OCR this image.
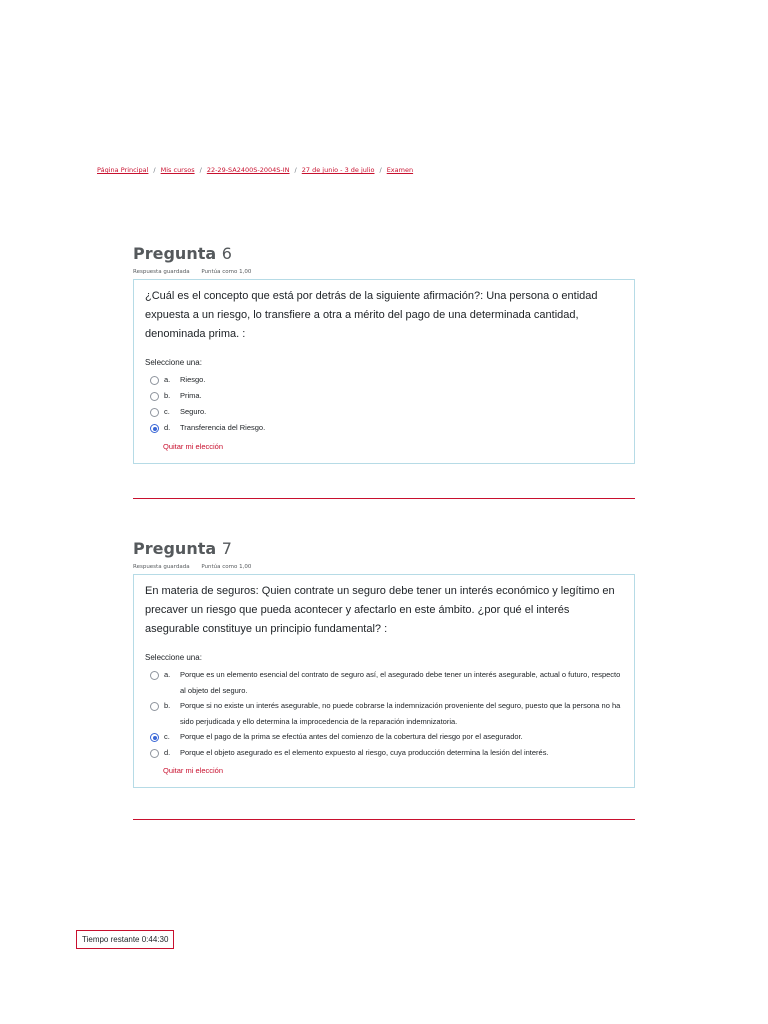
Página Principal / Mis cursos / 22-29-SA2400S-2004S-IN / 27 de junio - 3 de julio / Examen
Pregunta 6
Respuesta guardada Puntúa como 1,00
¿Cuál es el concepto que está por detrás de la siguiente afirmación?: Una persona o entidad expuesta a un riesgo, lo transfiere a otra a mérito del pago de una determinada cantidad, denominada prima. :
Seleccione una:
a.	Riesgo.
b.	Prima.
c.	Seguro.
d.	Transferencia del Riesgo.
Quitar mi elección
Pregunta 7
Respuesta guardada Puntúa como 1,00
En materia de seguros: Quien contrate un seguro debe tener un interés económico y legítimo en precaver un riesgo que pueda acontecer y afectarlo en este ámbito. ¿por qué el interés asegurable constituye un principio fundamental? :
Seleccione una:
a.	Porque es un elemento esencial del contrato de seguro así, el asegurado debe tener un interés asegurable, actual o futuro, respecto al objeto del seguro.
b.	Porque si no existe un interés asegurable, no puede cobrarse la indemnización proveniente del seguro, puesto que la persona no ha sido perjudicada y ello determina la improcedencia de la reparación indemnizatoria.
c.	Porque el pago de la prima se efectúa antes del comienzo de la cobertura del riesgo por el asegurador.
d.	Porque el objeto asegurado es el elemento expuesto al riesgo, cuya producción determina la lesión del interés.
Quitar mi elección
Tiempo restante 0:44:30
